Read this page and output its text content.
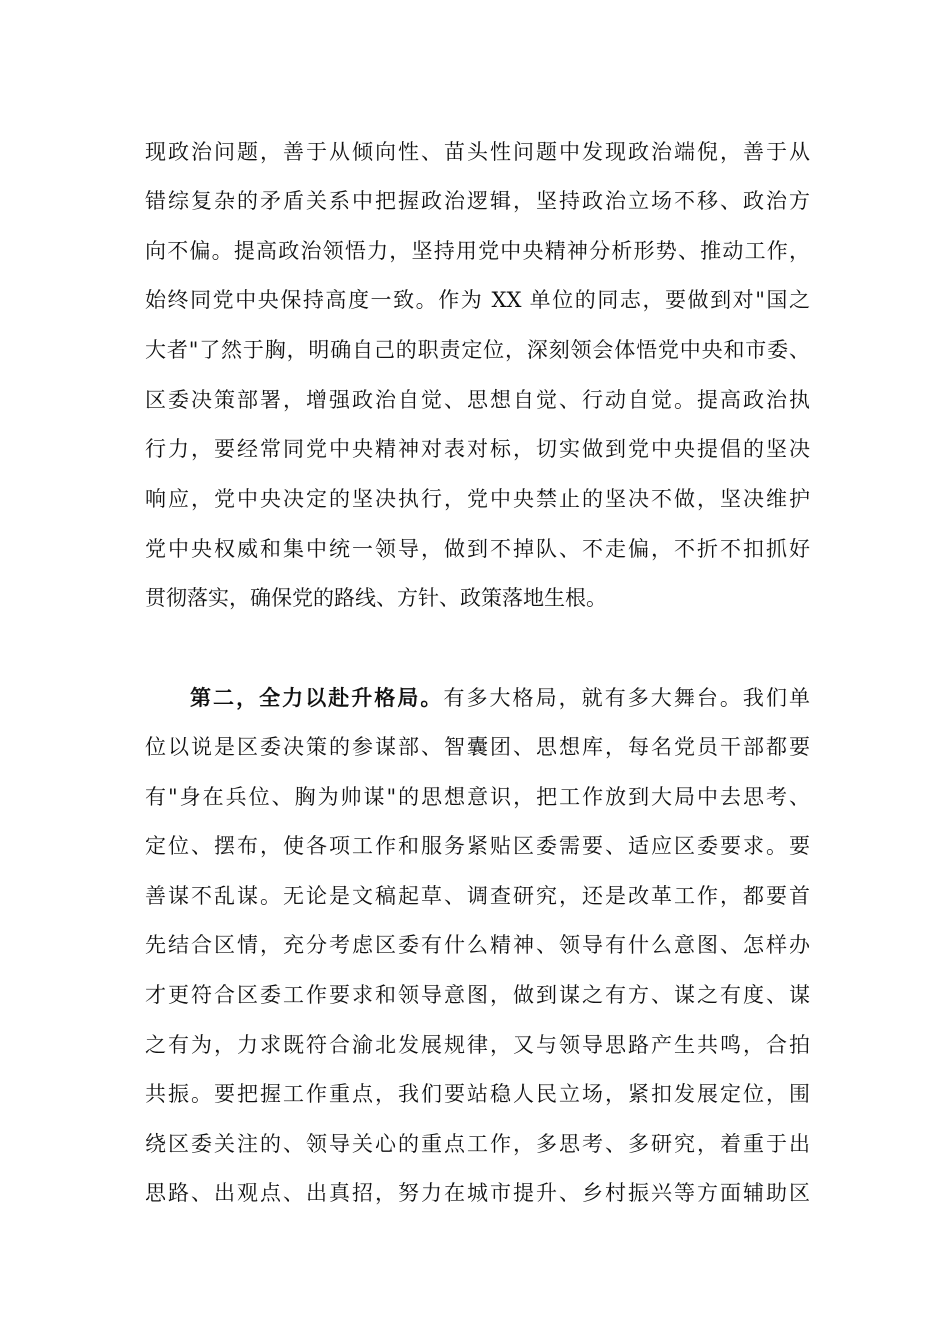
现政治问题，善于从倾向性、苗头性问题中发现政治端倪，善于从
错综复杂的矛盾关系中把握政治逻辑，坚持政治立场不移、政治方
向不偏。提高政治领悟力，坚持用党中央精神分析形势、推动工作，
始终同党中央保持高度一致。作为 XX 单位的同志，要做到对"国之
大者"了然于胸，明确自己的职责定位，深刻领会体悟党中央和市委、
区委决策部署，增强政治自觉、思想自觉、行动自觉。提高政治执
行力，要经常同党中央精神对表对标，切实做到党中央提倡的坚决
响应，党中央决定的坚决执行，党中央禁止的坚决不做，坚决维护
党中央权威和集中统一领导，做到不掉队、不走偏，不折不扣抓好
贯彻落实，确保党的路线、方针、政策落地生根。
第二，全力以赴升格局。有多大格局，就有多大舞台。我们单
位以说是区委决策的参谋部、智囊团、思想库，每名党员干部都要
有"身在兵位、胸为帅谋"的思想意识，把工作放到大局中去思考、
定位、摆布，使各项工作和服务紧贴区委需要、适应区委要求。要
善谋不乱谋。无论是文稿起草、调查研究，还是改革工作，都要首
先结合区情，充分考虑区委有什么精神、领导有什么意图、怎样办
才更符合区委工作要求和领导意图，做到谋之有方、谋之有度、谋
之有为，力求既符合渝北发展规律，又与领导思路产生共鸣，合拍
共振。要把握工作重点，我们要站稳人民立场，紧扣发展定位，围
绕区委关注的、领导关心的重点工作，多思考、多研究，着重于出
思路、出观点、出真招，努力在城市提升、乡村振兴等方面辅助区
